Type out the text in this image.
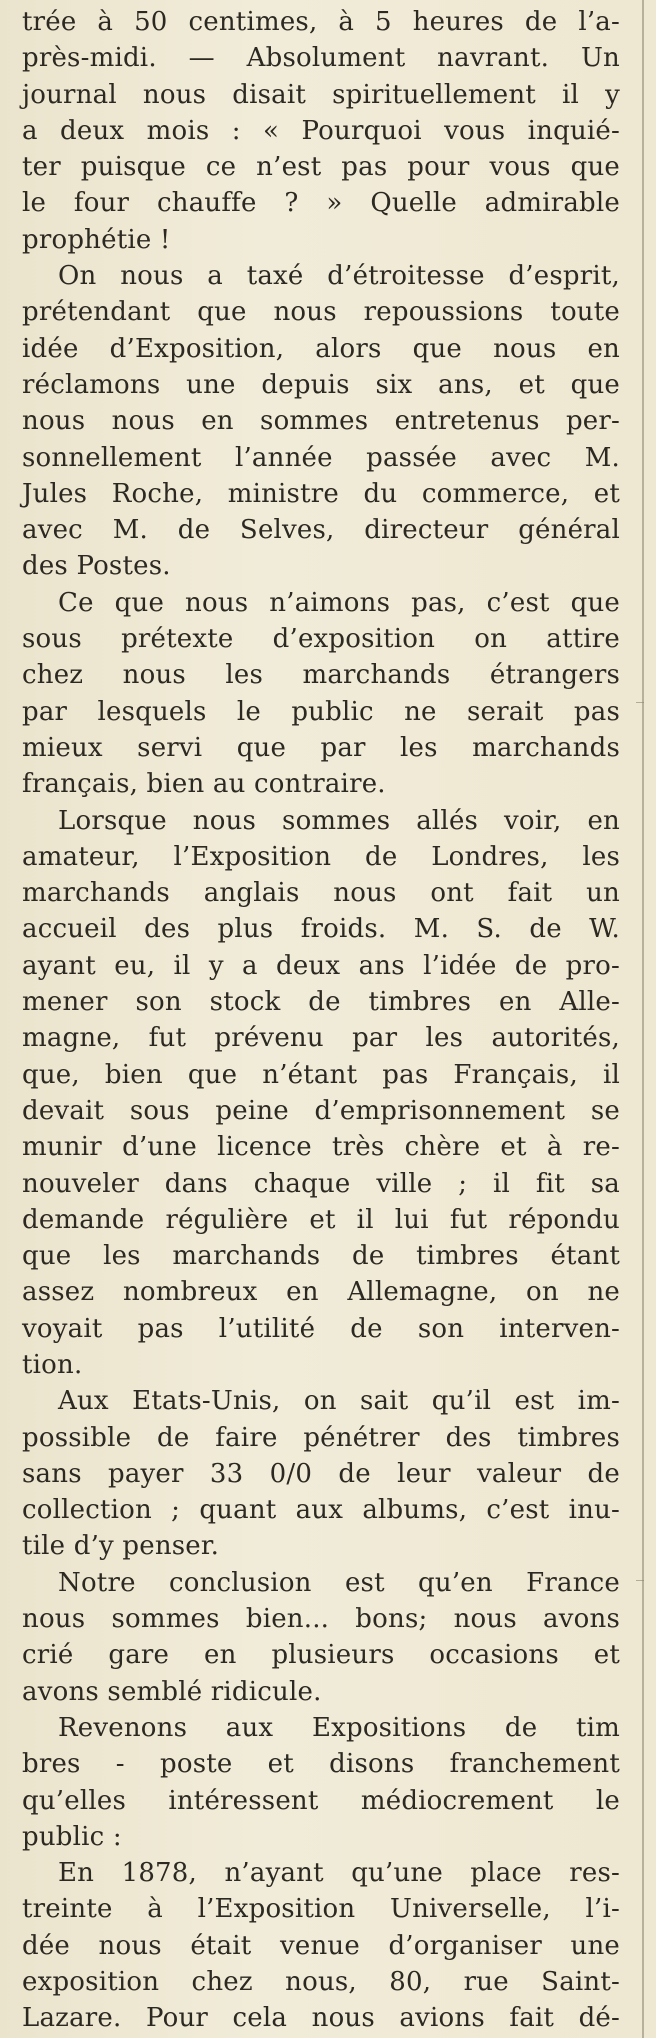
trée à 50 centimes, à 5 heures de l’a-
près-midi. — Absolument navrant. Un
journal nous disait spirituellement il y
a deux mois : « Pourquoi vous inquié-
ter puisque ce n’est pas pour vous que
le four chauffe ? » Quelle admirable
prophétie !
On nous a taxé d’étroitesse d’esprit,
prétendant que nous repoussions toute
idée d’Exposition, alors que nous en
réclamons une depuis six ans, et que
nous nous en sommes entretenus per-
sonnellement l’année passée avec M.
Jules Roche, ministre du commerce, et
avec M. de Selves, directeur général
des Postes.
Ce que nous n’aimons pas, c’est que
sous prétexte d’exposition on attire
chez nous les marchands étrangers
par lesquels le public ne serait pas
mieux servi que par les marchands
français, bien au contraire.
Lorsque nous sommes allés voir, en
amateur, l’Exposition de Londres, les
marchands anglais nous ont fait un
accueil des plus froids. M. S. de W.
ayant eu, il y a deux ans l’idée de pro-
mener son stock de timbres en Alle-
magne, fut prévenu par les autorités,
que, bien que n’étant pas Français, il
devait sous peine d’emprisonnement se
munir d’une licence très chère et à re-
nouveler dans chaque ville ; il fit sa
demande régulière et il lui fut répondu
que les marchands de timbres étant
assez nombreux en Allemagne, on ne
voyait pas l’utilité de son interven-
tion.
Aux Etats-Unis, on sait qu’il est im-
possible de faire pénétrer des timbres
sans payer 33 0/0 de leur valeur de
collection ; quant aux albums, c’est inu-
tile d’y penser.
Notre conclusion est qu’en France
nous sommes bien... bons; nous avons
crié gare en plusieurs occasions et
avons semblé ridicule.
Revenons aux Expositions de tim
bres - poste et disons franchement
qu’elles intéressent médiocrement le
public :
En 1878, n’ayant qu’une place res-
treinte à l’Exposition Universelle, l’i-
dée nous était venue d’organiser une
exposition chez nous, 80, rue Saint-
Lazare. Pour cela nous avions fait dé-
